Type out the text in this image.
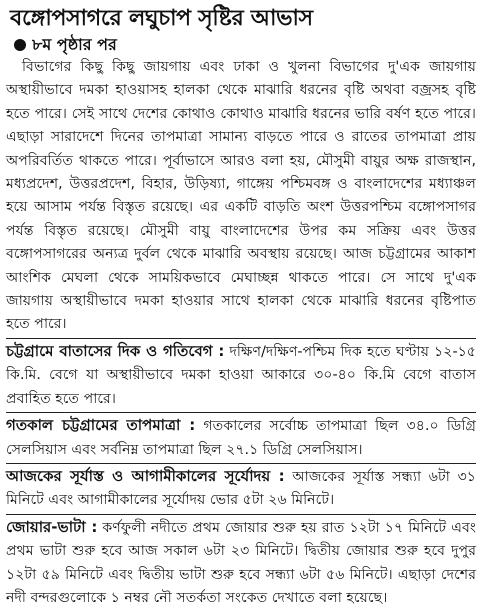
বঙ্গোপসাগরে লঘুচাপ সৃষ্টির আভাস
৮ম পৃষ্ঠার পর

বিভাগের কিছু কিছু জায়গায় এবং ঢাকা ও খুলনা বিভাগের দু'এক জায়গায় অস্থায়ীভাবে দমকা হাওয়াসহ হালকা থেকে মাঝারি ধরনের বৃষ্টি অথবা বজ্রসহ বৃষ্টি হতে পারে। সেই সাথে দেশের কোথাও কোথাও মাঝারি ধরনের ভারি বর্ষণ হতে পারে। এছাড়া সারাদেশে দিনের তাপমাত্রা সামান্য বাড়তে পারে ও রাতের তাপমাত্রা প্রায় অপরিবর্তিত থাকতে পারে। পূর্বাভাসে আরও বলা হয়, মৌসুমী বায়ুর অক্ষ রাজস্থান, মধ্যপ্রদেশ, উত্তরপ্রদেশ, বিহার, উড়িষ্যা, গাঙ্গেয় পশ্চিমবঙ্গ ও বাংলাদেশের মধ্যাঞ্চল হয়ে আসাম পর্যন্ত বিস্তৃত রয়েছে। এর একটি বাড়তি অংশ উত্তরপশ্চিম বঙ্গোপসাগর পর্যন্ত বিস্তৃত রয়েছে। মৌসুমী বায়ু বাংলাদেশের উপর কম সক্রিয় এবং উত্তর বঙ্গোপসাগরের অন্যত্র দুর্বল থেকে মাঝারি অবস্থায় রয়েছে। আজ চট্টগ্রামের আকাশ আংশিক মেঘলা থেকে সাময়িকভাবে মেঘাচ্ছন্ন থাকতে পারে। সে সাথে দু'এক জায়গায় অস্থায়ীভাবে দমকা হাওয়ার সাথে হালকা থেকে মাঝারি ধরনের বৃষ্টিপাত হতে পারে।

চট্টগ্রামে বাতাসের দিক ও গতিবেগ : দক্ষিণ/দক্ষিণ-পশ্চিম দিক হতে ঘণ্টায় ১২-১৫ কি.মি. বেগে যা অস্থায়ীভাবে দমকা হাওয়া আকারে ৩০-৪০ কি.মি বেগে বাতাস প্রবাহিত হতে পারে।

গতকাল চট্টগ্রামের তাপমাত্রা : গতকালের সর্বোচ্চ তাপমাত্রা ছিল ৩৪.০ ডিগ্রি সেলসিয়াস এবং সর্বনিম্ন তাপমাত্রা ছিল ২৭.১ ডিগ্রি সেলসিয়াস।

আজকের সূর্যাস্ত ও আগামীকালের সূর্যোদয় : আজকের সূর্যাস্ত সন্ধ্যা ৬টা ৩১ মিনিটে এবং আগামীকালের সূর্যোদয় ভোর ৫টা ২৬ মিনিটে।

জোয়ার-ভাটা : কর্ণফুলী নদীতে প্রথম জোয়ার শুরু হয় রাত ১২টা ১৭ মিনিটে এবং প্রথম ভাটা শুরু হবে আজ সকাল ৬টা ২৩ মিনিটে। দ্বিতীয় জোয়ার শুরু হবে দুপুর ১২টা ৫৯ মিনিটে এবং দ্বিতীয় ভাটা শুরু হবে সন্ধ্যা ৬টা ৫৬ মিনিটে। এছাড়া দেশের নদী বন্দরগুলোকে ১ নম্বর নৌ সতর্কতা সংকেত দেখাতে বলা হয়েছে।
